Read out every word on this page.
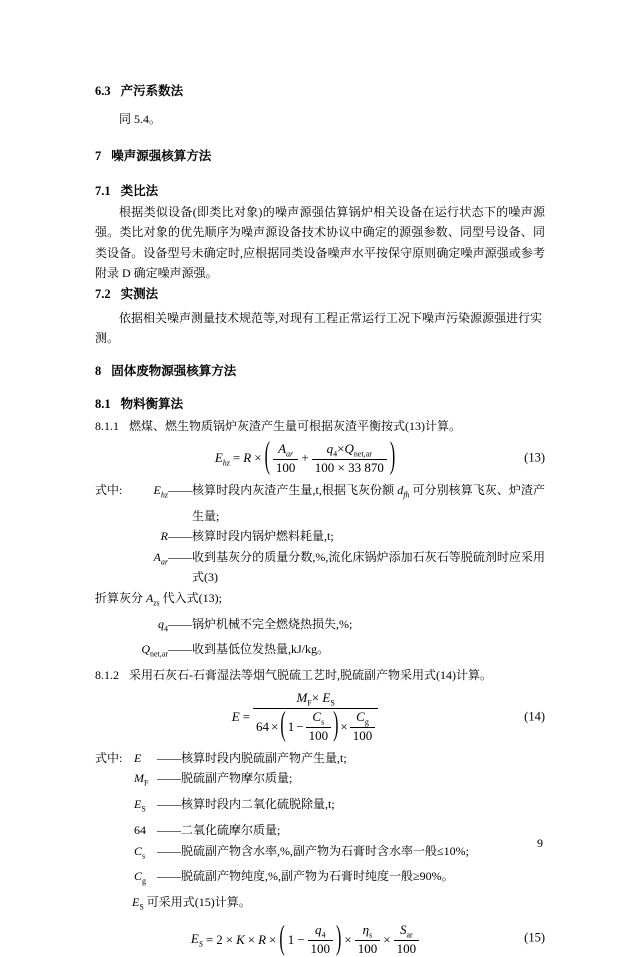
6.3 产污系数法
同 5.4。
7 噪声源强核算方法
7.1 类比法
根据类似设备(即类比对象)的噪声源强估算锅炉相关设备在运行状态下的噪声源强。类比对象的优先顺序为噪声源设备技术协议中确定的源强参数、同型号设备、同类设备。设备型号未确定时,应根据同类设备噪声水平按保守原则确定噪声源强或参考附录 D 确定噪声源强。
7.2 实测法
依据相关噪声测量技术规范等,对现有工程正常运行工况下噪声污染源源强进行实测。
8 固体废物源强核算方法
8.1 物料衡算法
8.1.1 燃煤、燃生物质锅炉灰渣产生量可根据灰渣平衡按式(13)计算。
$E_{hz} = R$ × ( $\frac{A_{ar}}{100} + \frac{q_4\times Q_{net,ar}}{100 \times 33 870}$ )	(13)
式中:	$E_{hz}$ —— 核算时段内灰渣产生量,t,根据飞灰份额 $d_{fh}$ 可分别核算飞灰、炉渣产生量;
R —— 核算时段内锅炉燃料耗量,t;
$A_{ar}$ —— 收到基灰分的质量分数,%,流化床锅炉添加石灰石等脱硫剂时应采用式(3)
折算灰分 $A_{zs}$ 代入式(13);
$q_4$ —— 锅炉机械不完全燃烧热损失,%;
$Q_{net,ar}$ —— 收到基低位发热量,kJ/kg。
8.1.2 采用石灰石-石膏湿法等烟气脱硫工艺时,脱硫副产物采用式(14)计算。
E =
$M_F\times E_S$
64 × ( $1 - \frac{C_s}{100}$ ) × $\frac{C_g}{100}$	(14)
式中: E	—— 核算时段内脱硫副产物产生量,t;
$M_F$ —— 脱硫副产物摩尔质量;
$E_S$ —— 核算时段内二氧化硫脱除量,t;
64 —— 二氧化硫摩尔质量;
$C_s$ —— 脱硫副产物含水率,%,副产物为石膏时含水率一般≤10%;
$C_g$ —— 脱硫副产物纯度,%,副产物为石膏时纯度一般≥90%。
$E_S$ 可采用式(15)计算。
$E_S = 2 \times K \times R$ × ( $1 - \frac{q_4}{100}$ ) × $\frac{\eta_s}{100} \times \frac{S_{ar}}{100}$	(15)
9
